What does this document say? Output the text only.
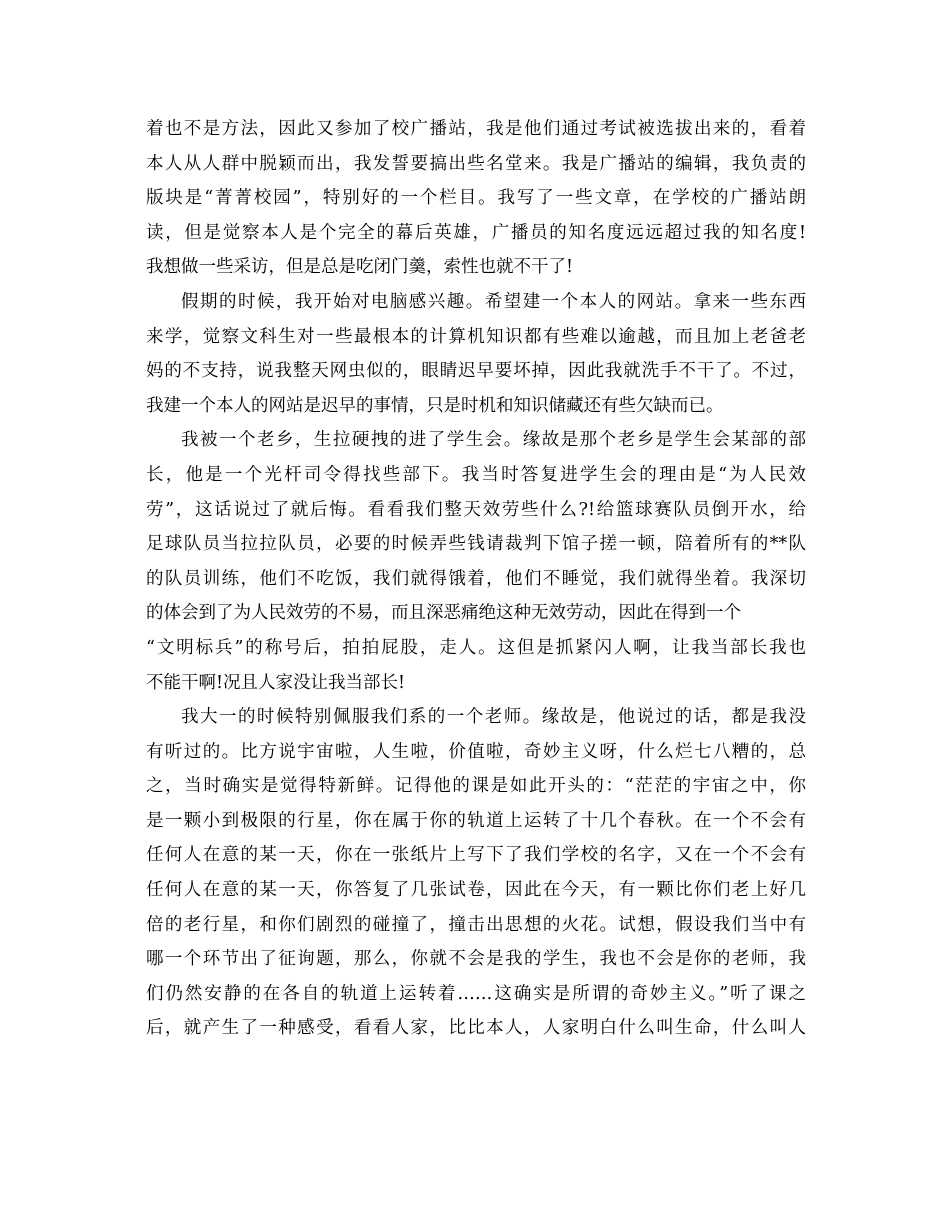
着也不是方法，因此又参加了校广播站，我是他们通过考试被选拔出来的，看着
本人从人群中脱颖而出，我发誓要搞出些名堂来。我是广播站的编辑，我负责的
版块是“菁菁校园”，特别好的一个栏目。我写了一些文章，在学校的广播站朗
读，但是觉察本人是个完全的幕后英雄，广播员的知名度远远超过我的知名度!
我想做一些采访，但是总是吃闭门羹，索性也就不干了!
假期的时候，我开始对电脑感兴趣。希望建一个本人的网站。拿来一些东西
来学，觉察文科生对一些最根本的计算机知识都有些难以逾越，而且加上老爸老
妈的不支持，说我整天网虫似的，眼睛迟早要坏掉，因此我就洗手不干了。不过，
我建一个本人的网站是迟早的事情，只是时机和知识储藏还有些欠缺而已。
我被一个老乡，生拉硬拽的进了学生会。缘故是那个老乡是学生会某部的部
长，他是一个光杆司令得找些部下。我当时答复进学生会的理由是“为人民效
劳”，这话说过了就后悔。看看我们整天效劳些什么?!给篮球赛队员倒开水，给
足球队员当拉拉队员，必要的时候弄些钱请裁判下馆子搓一顿，陪着所有的**队
的队员训练，他们不吃饭，我们就得饿着，他们不睡觉，我们就得坐着。我深切
的体会到了为人民效劳的不易，而且深恶痛绝这种无效劳动，因此在得到一个
“文明标兵”的称号后，拍拍屁股，走人。这但是抓紧闪人啊，让我当部长我也
不能干啊!况且人家没让我当部长!
我大一的时候特别佩服我们系的一个老师。缘故是，他说过的话，都是我没
有听过的。比方说宇宙啦，人生啦，价值啦，奇妙主义呀，什么烂七八糟的，总
之，当时确实是觉得特新鲜。记得他的课是如此开头的：“茫茫的宇宙之中，你
是一颗小到极限的行星，你在属于你的轨道上运转了十几个春秋。在一个不会有
任何人在意的某一天，你在一张纸片上写下了我们学校的名字，又在一个不会有
任何人在意的某一天，你答复了几张试卷，因此在今天，有一颗比你们老上好几
倍的老行星，和你们剧烈的碰撞了，撞击出思想的火花。试想，假设我们当中有
哪一个环节出了征询题，那么，你就不会是我的学生，我也不会是你的老师，我
们仍然安静的在各自的轨道上运转着……这确实是所谓的奇妙主义。”听了课之
后，就产生了一种感受，看看人家，比比本人，人家明白什么叫生命，什么叫人
